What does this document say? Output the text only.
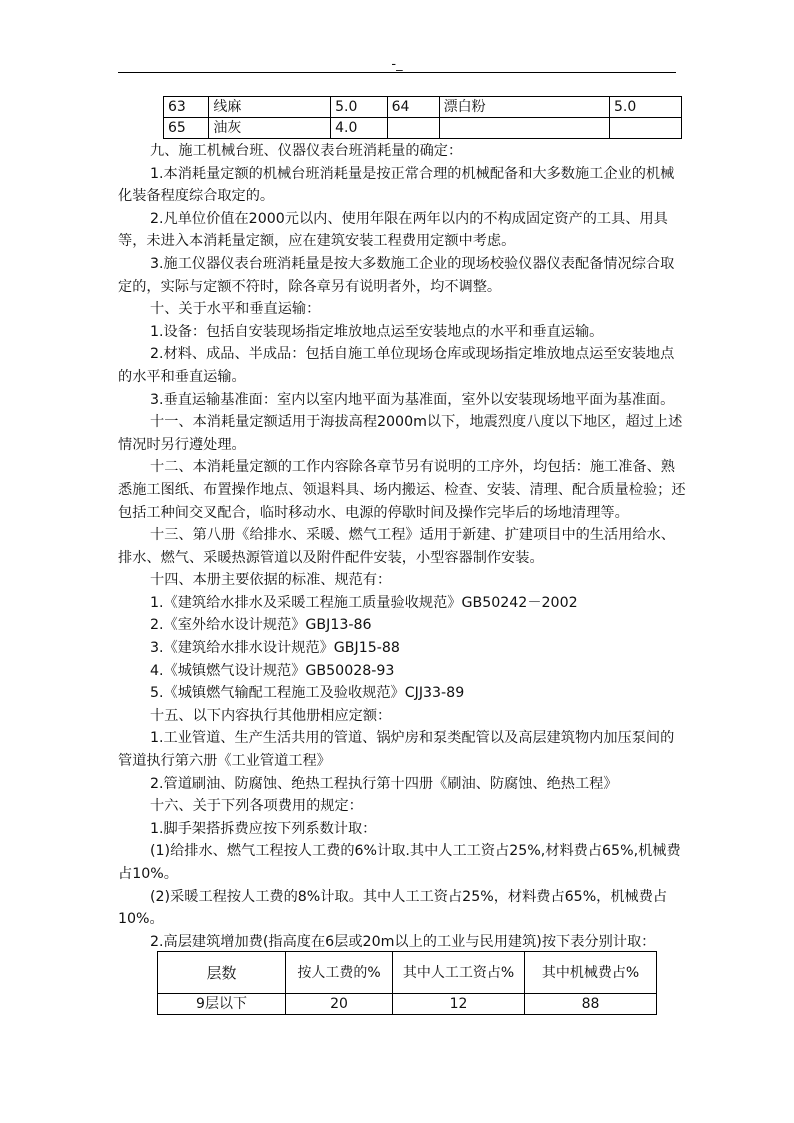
-_
63	线麻	5.0	64	漂白粉	5.0
65	油灰	4.0			

九、施工机械台班、仪器仪表台班消耗量的确定：

1.本消耗量定额的机械台班消耗量是按正常合理的机械配备和大多数施工企业的机械化装备程度综合取定的。

2.凡单位价值在2000元以内、使用年限在两年以内的不构成固定资产的工具、用具等，未进入本消耗量定额，应在建筑安装工程费用定额中考虑。

3.施工仪器仪表台班消耗量是按大多数施工企业的现场校验仪器仪表配备情况综合取定的，实际与定额不符时，除各章另有说明者外，均不调整。

十、关于水平和垂直运输：

1.设备：包括自安装现场指定堆放地点运至安装地点的水平和垂直运输。

2.材料、成品、半成品：包括自施工单位现场仓库或现场指定堆放地点运至安装地点的水平和垂直运输。

3.垂直运输基准面：室内以室内地平面为基准面，室外以安装现场地平面为基准面。

十一、本消耗量定额适用于海拔高程2000m以下，地震烈度八度以下地区，超过上述情况时另行遵处理。

十二、本消耗量定额的工作内容除各章节另有说明的工序外，均包括：施工准备、熟悉施工图纸、布置操作地点、领退料具、场内搬运、检查、安装、清理、配合质量检验；还包括工种间交叉配合，临时移动水、电源的停歇时间及操作完毕后的场地清理等。

十三、第八册《给排水、采暖、燃气工程》适用于新建、扩建项目中的生活用给水、排水、燃气、采暖热源管道以及附件配件安装，小型容器制作安装。

十四、本册主要依据的标准、规范有：

1.《建筑给水排水及采暖工程施工质量验收规范》GB50242－2002

2.《室外给水设计规范》GBJ13-86

3.《建筑给水排水设计规范》GBJ15-88

4.《城镇燃气设计规范》GB50028-93

5.《城镇燃气输配工程施工及验收规范》CJJ33-89

十五、以下内容执行其他册相应定额：

1.工业管道、生产生活共用的管道、锅炉房和泵类配管以及高层建筑物内加压泵间的管道执行第六册《工业管道工程》

2.管道刷油、防腐蚀、绝热工程执行第十四册《刷油、防腐蚀、绝热工程》

十六、关于下列各项费用的规定：

1.脚手架搭拆费应按下列系数计取：

(1)给排水、燃气工程按人工费的6%计取.其中人工工资占25%,材料费占65%,机械费占10%。

(2)采暖工程按人工费的8%计取。其中人工工资占25%，材料费占65%，机械费占10%。

2.高层建筑增加费(指高度在6层或20m以上的工业与民用建筑)按下表分别计取：

层数	按人工费的%	其中人工工资占%	其中机械费占%
9层以下	20	12	88
